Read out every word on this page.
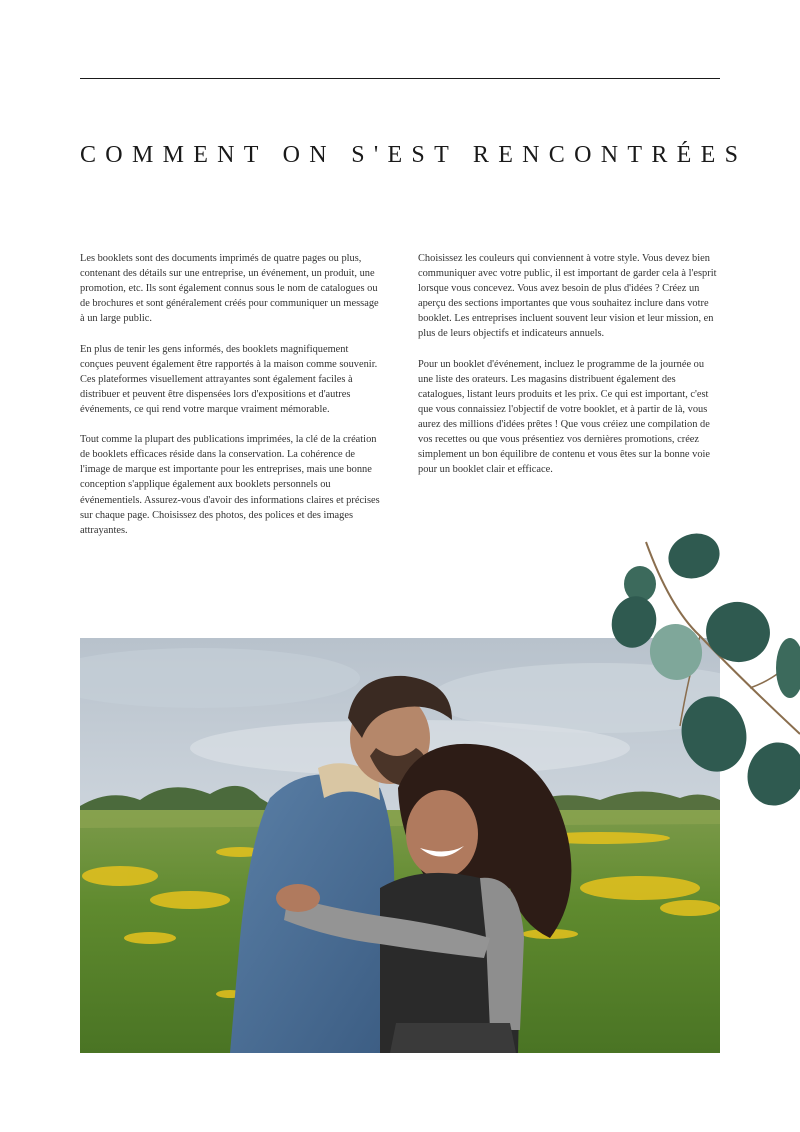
COMMENT ON S'EST RENCONTRÉES

Les booklets sont des documents imprimés de quatre pages ou plus, contenant des détails sur une entreprise, un événement, un produit, une promotion, etc. Ils sont également connus sous le nom de catalogues ou de brochures et sont généralement créés pour communiquer un message à un large public.

En plus de tenir les gens informés, des booklets magnifiquement conçues peuvent également être rapportés à la maison comme souvenir. Ces plateformes visuellement attrayantes sont également faciles à distribuer et peuvent être dispensées lors d'expositions et d'autres événements, ce qui rend votre marque vraiment mémorable.

Tout comme la plupart des publications imprimées, la clé de la création de booklets efficaces réside dans la conservation. La cohérence de l'image de marque est importante pour les entreprises, mais une bonne conception s'applique également aux booklets personnels ou événementiels. Assurez-vous d'avoir des informations claires et précises sur chaque page. Choisissez des photos, des polices et des images attrayantes.

Choisissez les couleurs qui conviennent à votre style. Vous devez bien communiquer avec votre public, il est important de garder cela à l'esprit lorsque vous concevez. Vous avez besoin de plus d'idées ? Créez un aperçu des sections importantes que vous souhaitez inclure dans votre booklet. Les entreprises incluent souvent leur vision et leur mission, en plus de leurs objectifs et indicateurs annuels.

Pour un booklet d'événement, incluez le programme de la journée ou une liste des orateurs. Les magasins distribuent également des catalogues, listant leurs produits et les prix. Ce qui est important, c'est que vous connaissiez l'objectif de votre booklet, et à partir de là, vous aurez des millions d'idées prêtes ! Que vous créiez une compilation de vos recettes ou que vous présentiez vos dernières promotions, créez simplement un bon équilibre de contenu et vous êtes sur la bonne voie pour un booklet clair et efficace.
